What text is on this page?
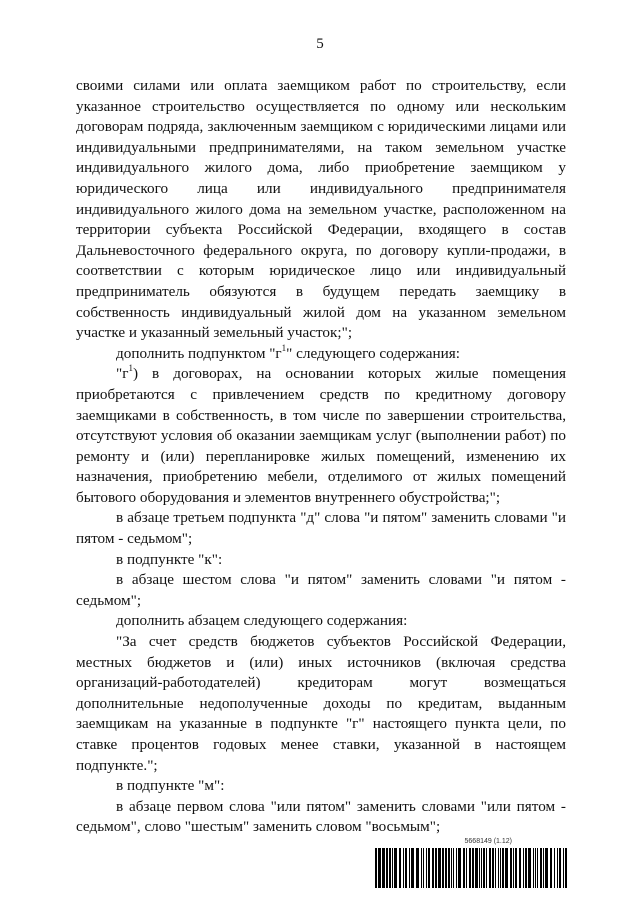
5

своими силами или оплата заемщиком работ по строительству, если указанное строительство осуществляется по одному или нескольким договорам подряда, заключенным заемщиком с юридическими лицами или индивидуальными предпринимателями, на таком земельном участке индивидуального жилого дома, либо приобретение заемщиком у юридического лица или индивидуального предпринимателя индивидуального жилого дома на земельном участке, расположенном на территории субъекта Российской Федерации, входящего в состав Дальневосточного федерального округа, по договору купли-продажи, в соответствии с которым юридическое лицо или индивидуальный предприниматель обязуются в будущем передать заемщику в собственность индивидуальный жилой дом на указанном земельном участке и указанный земельный участок;";

дополнить подпунктом "$г^1$" следующего содержания:

"$г^1$) в договорах, на основании которых жилые помещения приобретаются с привлечением средств по кредитному договору заемщиками в собственность, в том числе по завершении строительства, отсутствуют условия об оказании заемщикам услуг (выполнении работ) по ремонту и (или) перепланировке жилых помещений, изменению их назначения, приобретению мебели, отделимого от жилых помещений бытового оборудования и элементов внутреннего обустройства;";

в абзаце третьем подпункта "д" слова "и пятом" заменить словами "и пятом - седьмом";

в подпункте "к":

в абзаце шестом слова "и пятом" заменить словами "и пятом - седьмом";

дополнить абзацем следующего содержания:

"За счет средств бюджетов субъектов Российской Федерации, местных бюджетов и (или) иных источников (включая средства организаций-работодателей) кредиторам могут возмещаться дополнительные недополученные доходы по кредитам, выданным заемщикам на указанные в подпункте "г" настоящего пункта цели, по ставке процентов годовых менее ставки, указанной в настоящем подпункте.";

в подпункте "м":

в абзаце первом слова "или пятом" заменить словами "или пятом - седьмом", слово "шестым" заменить словом "восьмым";

5668149 (1.12)
